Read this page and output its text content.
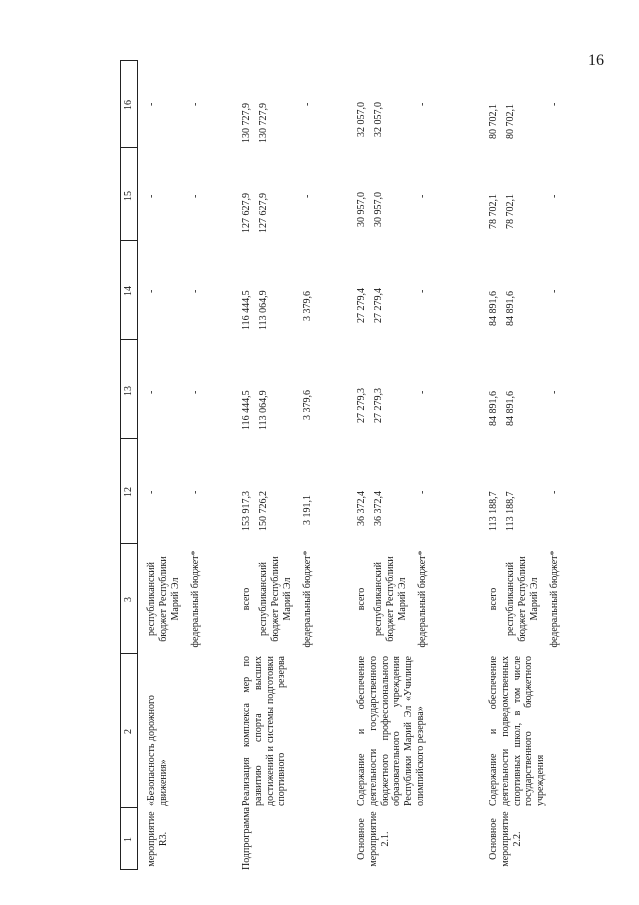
16
1
2
3
12
13
14
15
16
мероприятие R3.
«Безопасность дорожного движения»
республиканский бюджет Республики Марий Эл
-
-
-
-
-
федеральный бюджет*
-
-
-
-
-
Подпрограмма
Реализация комплекса мер по развитию спорта высших достижений и системы подготовки спортивного резерва
всего
153 917,3
116 444,5
116 444,5
127 627,9
130 727,9
республиканский бюджет Республики Марий Эл
150 726,2
113 064,9
113 064,9
127 627,9
130 727,9
федеральный бюджет*
3 191,1
3 379,6
3 379,6
-
-
Основное мероприятие 2.1.
Содержание и обеспечение деятельности государственного бюджетного профессионального образовательного учреждения Республики Марий Эл «Училище олимпийского резерва»
всего
36 372,4
27 279,3
27 279,4
30 957,0
32 057,0
республиканский бюджет Республики Марий Эл
36 372,4
27 279,3
27 279,4
30 957,0
32 057,0
федеральный бюджет*
-
-
-
-
-
Основное мероприятие 2.2.
Содержание и обеспечение деятельности подведомственных спортивных школ, в том числе государственного бюджетного учреждения
всего
113 188,7
84 891,6
84 891,6
78 702,1
80 702,1
республиканский бюджет Республики Марий Эл
113 188,7
84 891,6
84 891,6
78 702,1
80 702,1
федеральный бюджет*
-
-
-
-
-
